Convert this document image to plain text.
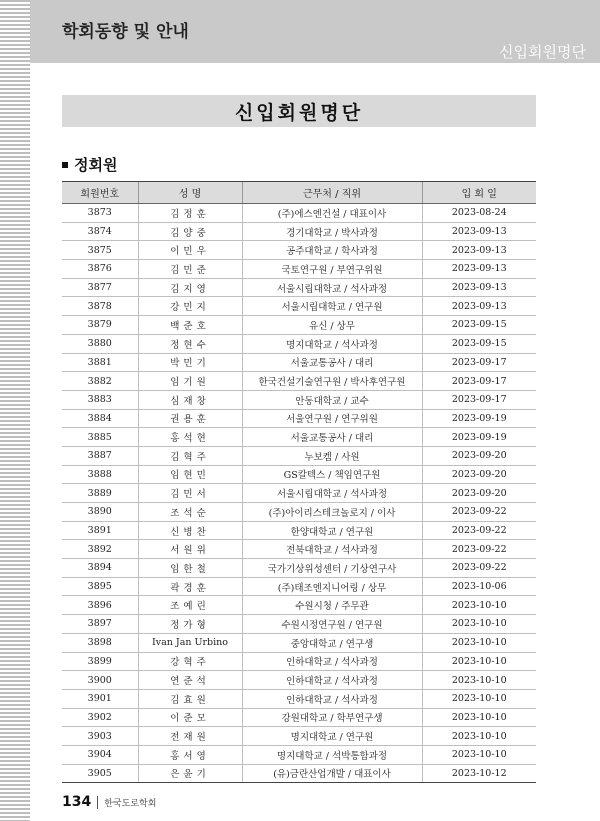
학회동향 및 안내
신입회원명단
신입회원명단
정회원
회원번호	성 명	근무처 / 직위	입 회 일
3873	김정훈	(주)에스엔건설 / 대표이사	2023-08-24
3874	김양중	경기대학교 / 박사과정	2023-09-13
3875	이민우	공주대학교 / 학사과정	2023-09-13
3876	김민준	국토연구원 / 부연구위원	2023-09-13
3877	김지영	서울시립대학교 / 석사과정	2023-09-13
3878	강민지	서울시립대학교 / 연구원	2023-09-13
3879	백준호	유신 / 상무	2023-09-15
3880	정현수	명지대학교 / 석사과정	2023-09-15
3881	박민기	서울교통공사 / 대리	2023-09-17
3882	임기원	한국건설기술연구원 / 박사후연구원	2023-09-17
3883	심재창	안동대학교 / 교수	2023-09-17
3884	권용훈	서울연구원 / 연구위원	2023-09-19
3885	홍석현	서울교통공사 / 대리	2023-09-19
3887	김혁주	누보켐 / 사원	2023-09-20
3888	임현민	GS칼텍스 / 책임연구원	2023-09-20
3889	김민서	서울시립대학교 / 석사과정	2023-09-20
3890	조석순	(주)아이리스테크놀로지 / 이사	2023-09-22
3891	신병찬	한양대학교 / 연구원	2023-09-22
3892	서원위	전북대학교 / 석사과정	2023-09-22
3894	임한철	국가기상위성센터 / 기상연구사	2023-09-22
3895	곽경훈	(주)태조엔지니어링 / 상무	2023-10-06
3896	조예린	수원시청 / 주무관	2023-10-10
3897	정가형	수원시정연구원 / 연구원	2023-10-10
3898	Ivan Jan Urbino	중앙대학교 / 연구생	2023-10-10
3899	강혁주	인하대학교 / 석사과정	2023-10-10
3900	연준석	인하대학교 / 석사과정	2023-10-10
3901	김효원	인하대학교 / 석사과정	2023-10-10
3902	이준모	강원대학교 / 학부연구생	2023-10-10
3903	전재원	명지대학교 / 연구원	2023-10-10
3904	홍서영	명지대학교 / 석박통합과정	2023-10-10
3905	은윤기	(유)금란산업개발 / 대표이사	2023-10-12
134 한국도로학회
